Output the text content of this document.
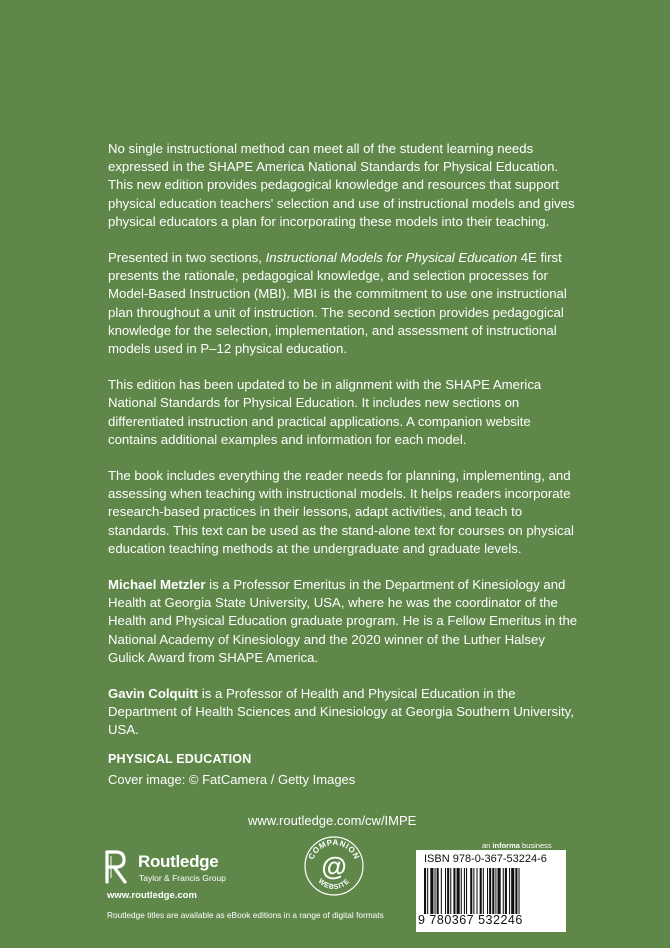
No single instructional method can meet all of the student learning needs expressed in the SHAPE America National Standards for Physical Education. This new edition provides pedagogical knowledge and resources that support physical education teachers' selection and use of instructional models and gives physical educators a plan for incorporating these models into their teaching.

Presented in two sections, Instructional Models for Physical Education 4E first presents the rationale, pedagogical knowledge, and selection processes for Model-Based Instruction (MBI). MBI is the commitment to use one instructional plan throughout a unit of instruction. The second section provides pedagogical knowledge for the selection, implementation, and assessment of instructional models used in P–12 physical education.

This edition has been updated to be in alignment with the SHAPE America National Standards for Physical Education. It includes new sections on differentiated instruction and practical applications. A companion website contains additional examples and information for each model.

The book includes everything the reader needs for planning, implementing, and assessing when teaching with instructional models. It helps readers incorporate research-based practices in their lessons, adapt activities, and teach to standards. This text can be used as the stand-alone text for courses on physical education teaching methods at the undergraduate and graduate levels.

Michael Metzler is a Professor Emeritus in the Department of Kinesiology and Health at Georgia State University, USA, where he was the coordinator of the Health and Physical Education graduate program. He is a Fellow Emeritus in the National Academy of Kinesiology and the 2020 winner of the Luther Halsey Gulick Award from SHAPE America.

Gavin Colquitt is a Professor of Health and Physical Education in the Department of Health Sciences and Kinesiology at Georgia Southern University, USA.

PHYSICAL EDUCATION
Cover image: © FatCamera / Getty Images
www.routledge.com/cw/IMPE
Routledge
Taylor & Francis Group
www.routledge.com
Routledge titles are available as eBook editions in a range of digital formats
COMPANION
@
WEBSITE
an informa business
ISBN 978-0-367-53224-6
9 780367 532246
